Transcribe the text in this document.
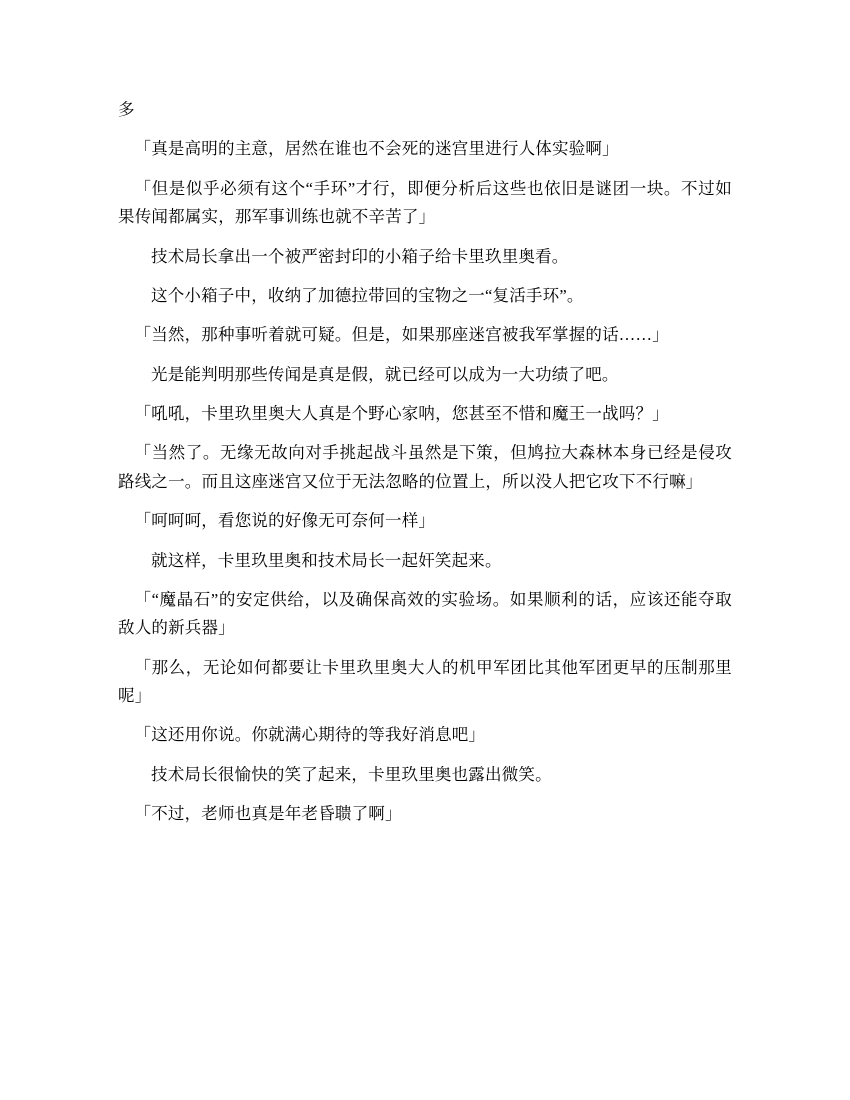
多

「真是高明的主意，居然在谁也不会死的迷宫里进行人体实验啊」

「但是似乎必须有这个“手环”才行，即便分析后这些也依旧是谜团一块。不过如果传闻都属实，那军事训练也就不辛苦了」

技术局长拿出一个被严密封印的小箱子给卡里玖里奥看。

这个小箱子中，收纳了加德拉带回的宝物之一“复活手环”。

「当然，那种事听着就可疑。但是，如果那座迷宫被我军掌握的话……」

光是能判明那些传闻是真是假，就已经可以成为一大功绩了吧。

「吼吼，卡里玖里奥大人真是个野心家呐，您甚至不惜和魔王一战吗？」

「当然了。无缘无故向对手挑起战斗虽然是下策，但鸠拉大森林本身已经是侵攻路线之一。而且这座迷宫又位于无法忽略的位置上，所以没人把它攻下不行嘛」

「呵呵呵，看您说的好像无可奈何一样」

就这样，卡里玖里奥和技术局长一起奸笑起来。

「“魔晶石”的安定供给，以及确保高效的实验场。如果顺利的话，应该还能夺取敌人的新兵器」

「那么，无论如何都要让卡里玖里奥大人的机甲军团比其他军团更早的压制那里呢」

「这还用你说。你就满心期待的等我好消息吧」

技术局长很愉快的笑了起来，卡里玖里奥也露出微笑。

「不过，老师也真是年老昏聩了啊」
